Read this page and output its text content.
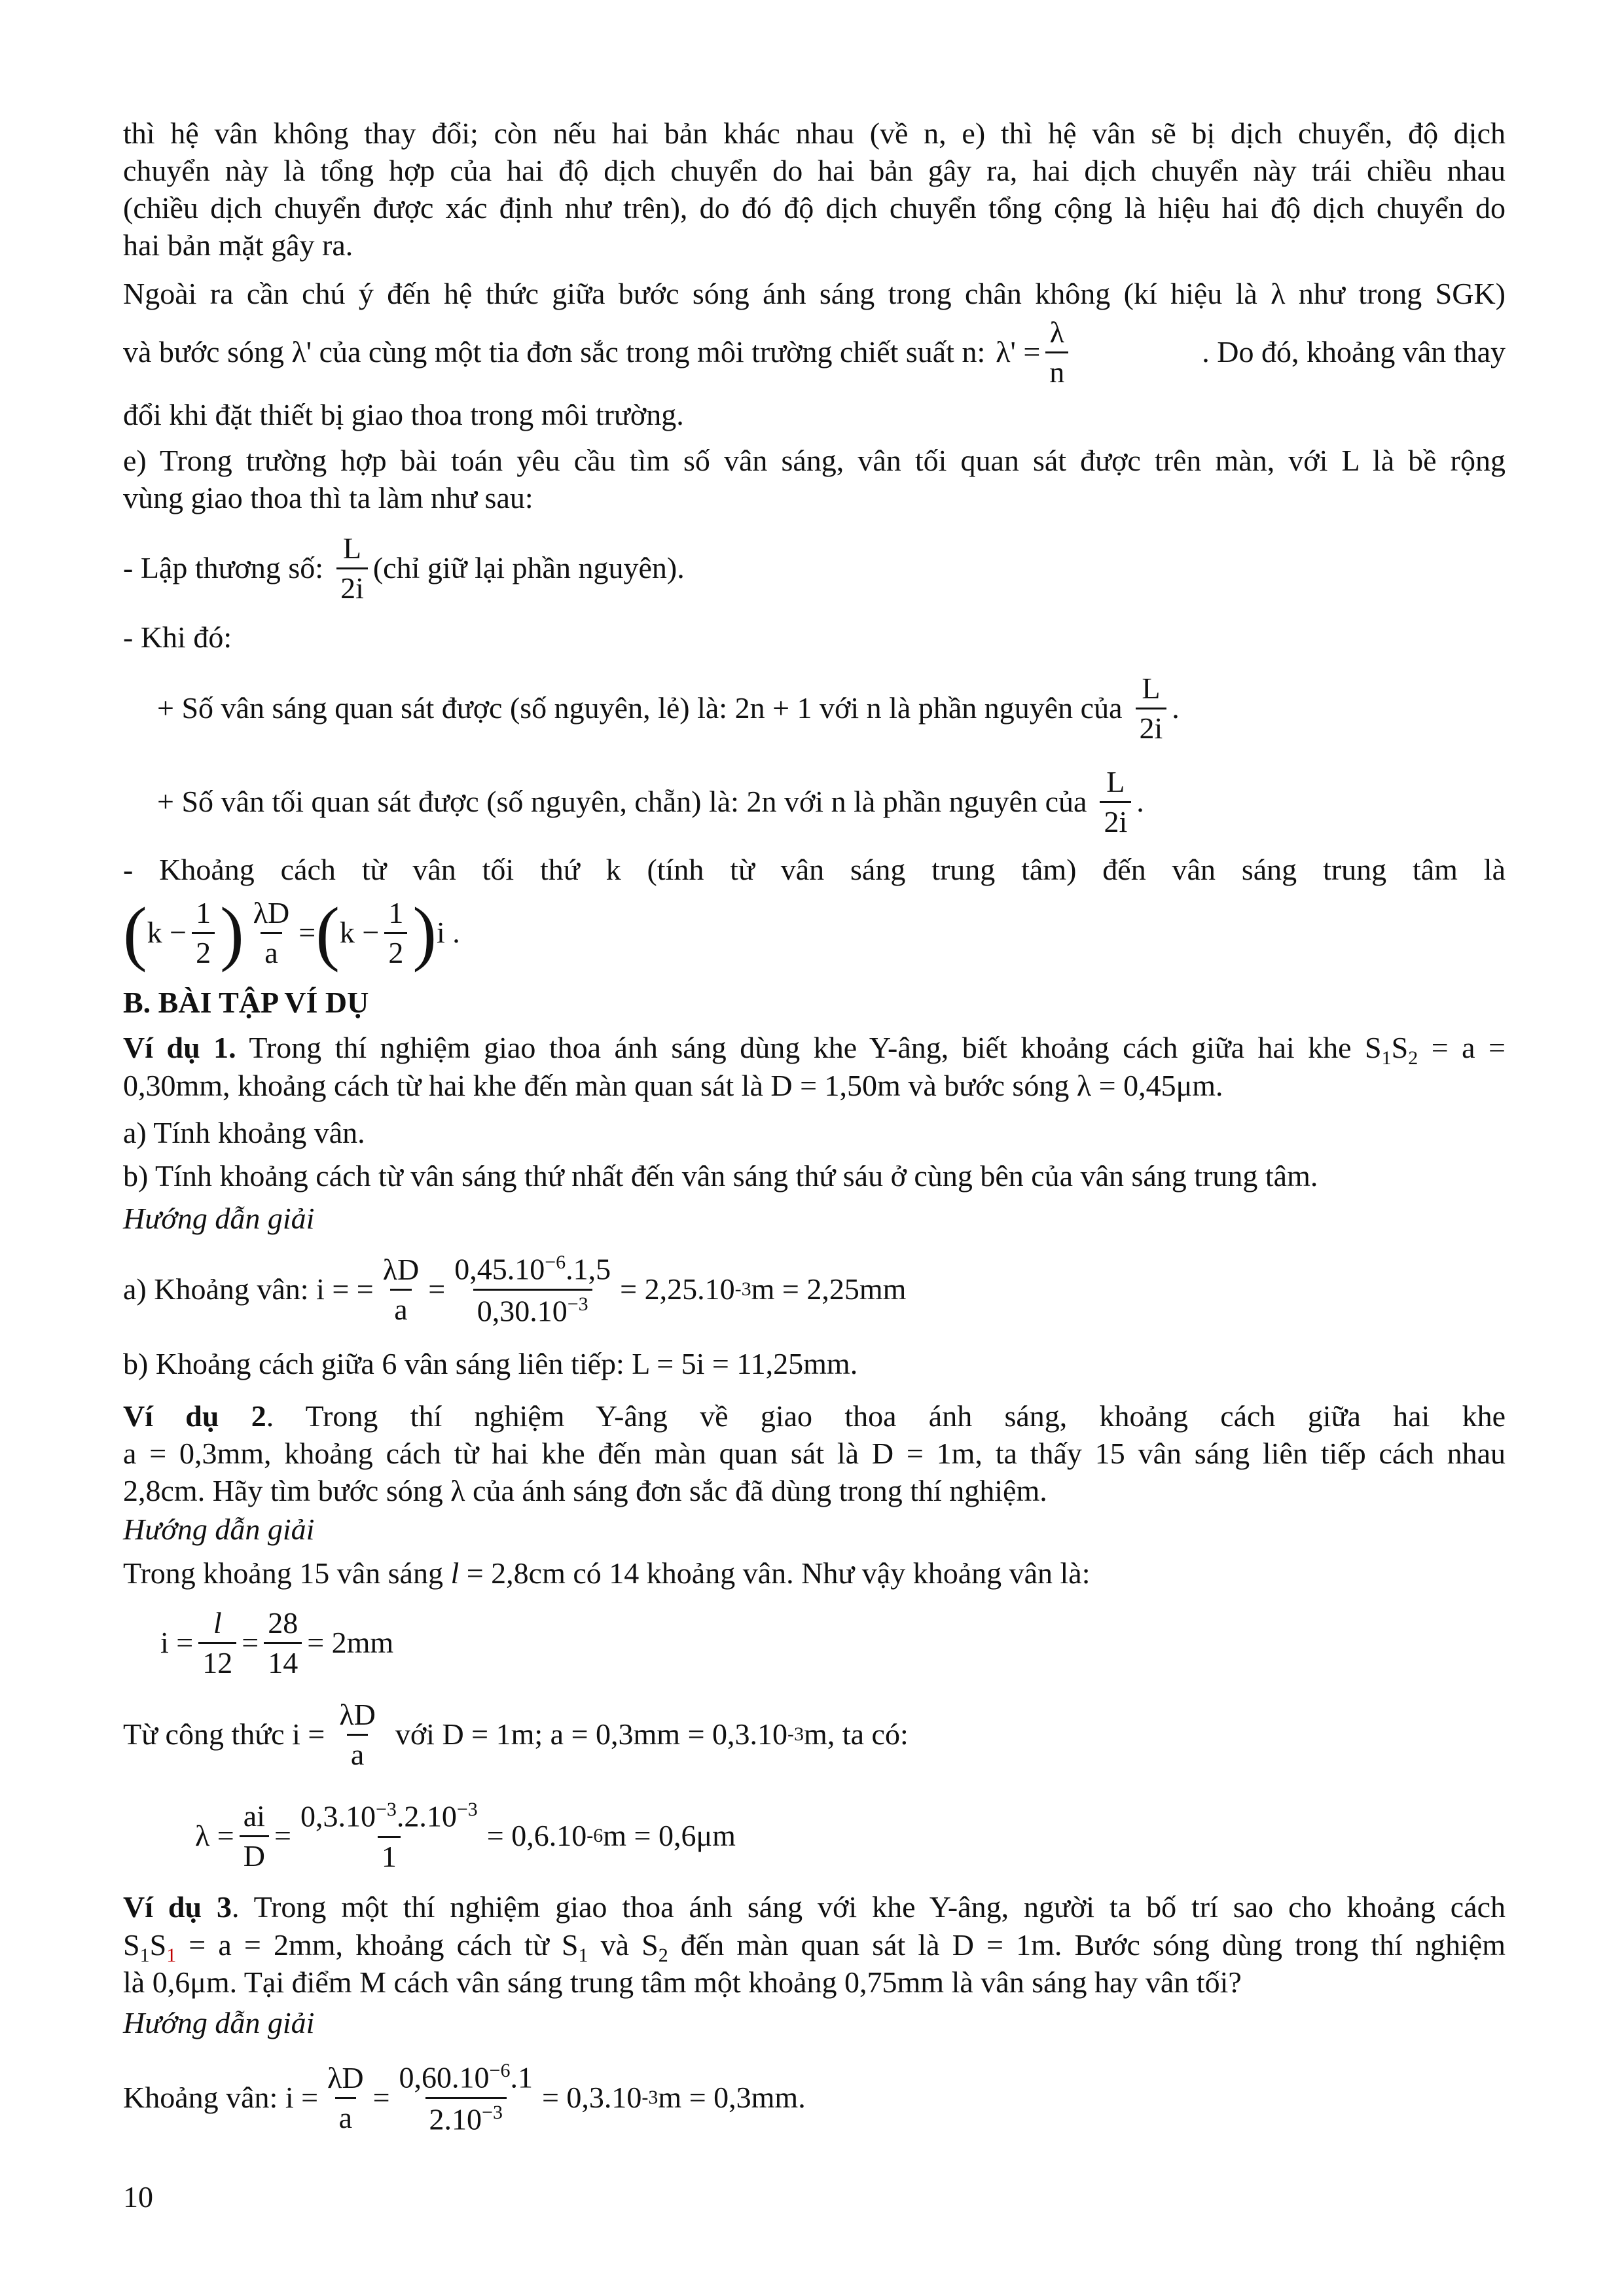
thì hệ vân không thay đổi; còn nếu hai bản khác nhau (về n, e) thì hệ vân sẽ bị dịch chuyển, độ dịch
chuyển này là tổng hợp của hai độ dịch chuyển do hai bản gây ra, hai dịch chuyển này trái chiều nhau
(chiều dịch chuyển được xác định như trên), do đó độ dịch chuyển tổng cộng là hiệu hai độ dịch chuyển do
hai bản mặt gây ra.
Ngoài ra cần chú ý đến hệ thức giữa bước sóng ánh sáng trong chân không (kí hiệu là λ như trong SGK)
và bước sóng λ' của cùng một tia đơn sắc trong môi trường chiết suất n: $\lambda' = \frac{\lambda}{n}$	. Do đó, khoảng vân thay
đổi khi đặt thiết bị giao thoa trong môi trường.
e) Trong trường hợp bài toán yêu cầu tìm số vân sáng, vân tối quan sát được trên màn, với L là bề rộng
vùng giao thoa thì ta làm như sau:
- Lập thương số: $\frac{L}{2i}$ (chỉ giữ lại phần nguyên).
- Khi đó:
+ Số vân sáng quan sát được (số nguyên, lẻ) là: 2n + 1 với n là phần nguyên của $\frac{L}{2i}$ .
+ Số vân tối quan sát được (số nguyên, chẵn) là: 2n với n là phần nguyên của $\frac{L}{2i}$ .
- Khoảng cách từ vân tối thứ k (tính từ vân sáng trung tâm) đến vân sáng trung tâm là
( $k - \frac{1}{2}$ ) $\frac{\lambda D}{a}$ = ( $k - \frac{1}{2}$ ) i .
B. BÀI TẬP VÍ DỤ
Ví dụ 1. Trong thí nghiệm giao thoa ánh sáng dùng khe Y-âng, biết khoảng cách giữa hai khe $S_1S_2 = a$ =
0,30mm, khoảng cách từ hai khe đến màn quan sát là D = 1,50m và bước sóng λ = 0,45μm.
a) Tính khoảng vân.
b) Tính khoảng cách từ vân sáng thứ nhất đến vân sáng thứ sáu ở cùng bên của vân sáng trung tâm.
Hướng dẫn giải
a) Khoảng vân: i = = $\frac{\lambda D}{a} = \frac{0,45.10^{-6}.1,5}{0,30.10^{-3}} = 2,25.10$ -3 m = 2,25mm
b) Khoảng cách giữa 6 vân sáng liên tiếp: L = 5i = 11,25mm.
Ví dụ 2. Trong thí nghiệm Y-âng về giao thoa ánh sáng, khoảng cách giữa hai khe
a = 0,3mm, khoảng cách từ hai khe đến màn quan sát là D = 1m, ta thấy 15 vân sáng liên tiếp cách nhau
2,8cm. Hãy tìm bước sóng λ của ánh sáng đơn sắc đã dùng trong thí nghiệm.
Hướng dẫn giải
Trong khoảng 15 vân sáng l = 2,8cm có 14 khoảng vân. Như vậy khoảng vân là:
$i = \frac{l}{12} = \frac{28}{14} = 2mm$
Từ công thức $i = \frac{\lambda D}{a}$ với D = 1m; a = 0,3mm = 0,3.10 -3 m, ta có:
$\lambda = \frac{ai}{D} = \frac{0,3.10^{-3}.2.10^{-3}}{1} = 0,6.10$ -6 m = 0,6μm
Ví dụ 3. Trong một thí nghiệm giao thoa ánh sáng với khe Y-âng, người ta bố trí sao cho khoảng cách
$S_1S_1 = a = 2mm$, khoảng cách từ $S_1$ và $S_2$ đến màn quan sát là D = 1m. Bước sóng dùng trong thí nghiệm
là 0,6μm. Tại điểm M cách vân sáng trung tâm một khoảng 0,75mm là vân sáng hay vân tối?
Hướng dẫn giải
Khoảng vân: $i = \frac{\lambda D}{a} = \frac{0,60.10^{-6}.1}{2.10^{-3}} = 0,3.10$ -3 m = 0,3mm.
10
